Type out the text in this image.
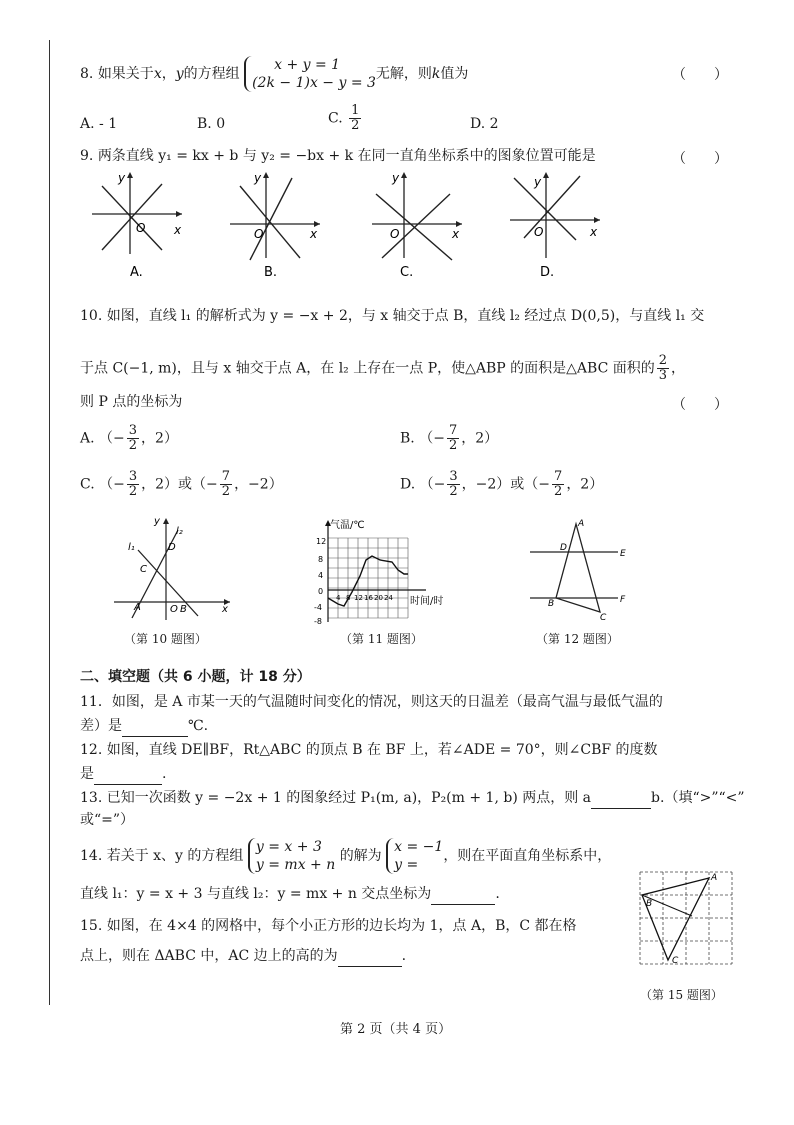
8. 如果关于x，y的方程组
x + y = 1
(2k − 1)x − y = 3
无解，则k值为	（　　）
A. - 1	B. 0	C. $\frac{1}{2}$	D. 2
9. 两条直线 y₁ = kx + b 与 y₂ = −bx + k 在同一直角坐标系中的图象位置可能是	（　　）
y
O x
A.
y
O	x
B.
y
O	x
C.
y
O	x
D.
10. 如图，直线 l₁ 的解析式为 y = −x + 2，与 x 轴交于点 B，直线 l₂ 经过点 D(0,5)，与直线 l₁ 交
于点 C(−1, m)，且与 x 轴交于点 A，在 l₂ 上存在一点 P，使△ABP 的面积是△ABC 面积的 $\frac{2}{3}$ ，
则 P 点的坐标为	（　　）
A. （− $\frac{3}{2}$ ，2）	B. （− $\frac{7}{2}$ ，2）
C. （− $\frac{3}{2}$ ，2）或（− $\frac{7}{2}$ ，−2）	D. （− $\frac{3}{2}$ ，−2）或（− $\frac{7}{2}$ ，2）
y
l₂
l₁	D
C
A	O B	x
（第 10 题图）
气温/℃
12
8
4
0
-4
-8
4 8 12 16 20 24 时间/时
（第 11 题图）
A
D
E
B	F
C
（第 12 题图）
二、填空题（共 6 小题，计 18 分）
11．如图，是 A 市某一天的气温随时间变化的情况，则这天的日温差（最高气温与最低气温的
差）是	℃.
12. 如图，直线 DE∥BF，Rt△ABC 的顶点 B 在 BF 上，若∠ADE = 70°，则∠CBF 的度数
是	.
13. 已知一次函数 y = −2x + 1 的图象经过 P₁(m, a)，P₂(m + 1, b) 两点，则 a	b.（填“>”“<”
或“=”）
14. 若关于 x、y 的方程组
y = x + 3
y = mx + n
的解为
x = −1
y =
，则在平面直角坐标系中，
直线 l₁：y = x + 3 与直线 l₂：y = mx + n 交点坐标为	.
15. 如图，在 4×4 的网格中，每个小正方形的边长均为 1，点 A，B，C 都在格
点上，则在 ΔABC 中，AC 边上的高的为	.
A
B
C
（第 15 题图）
第 2 页（共 4 页）
